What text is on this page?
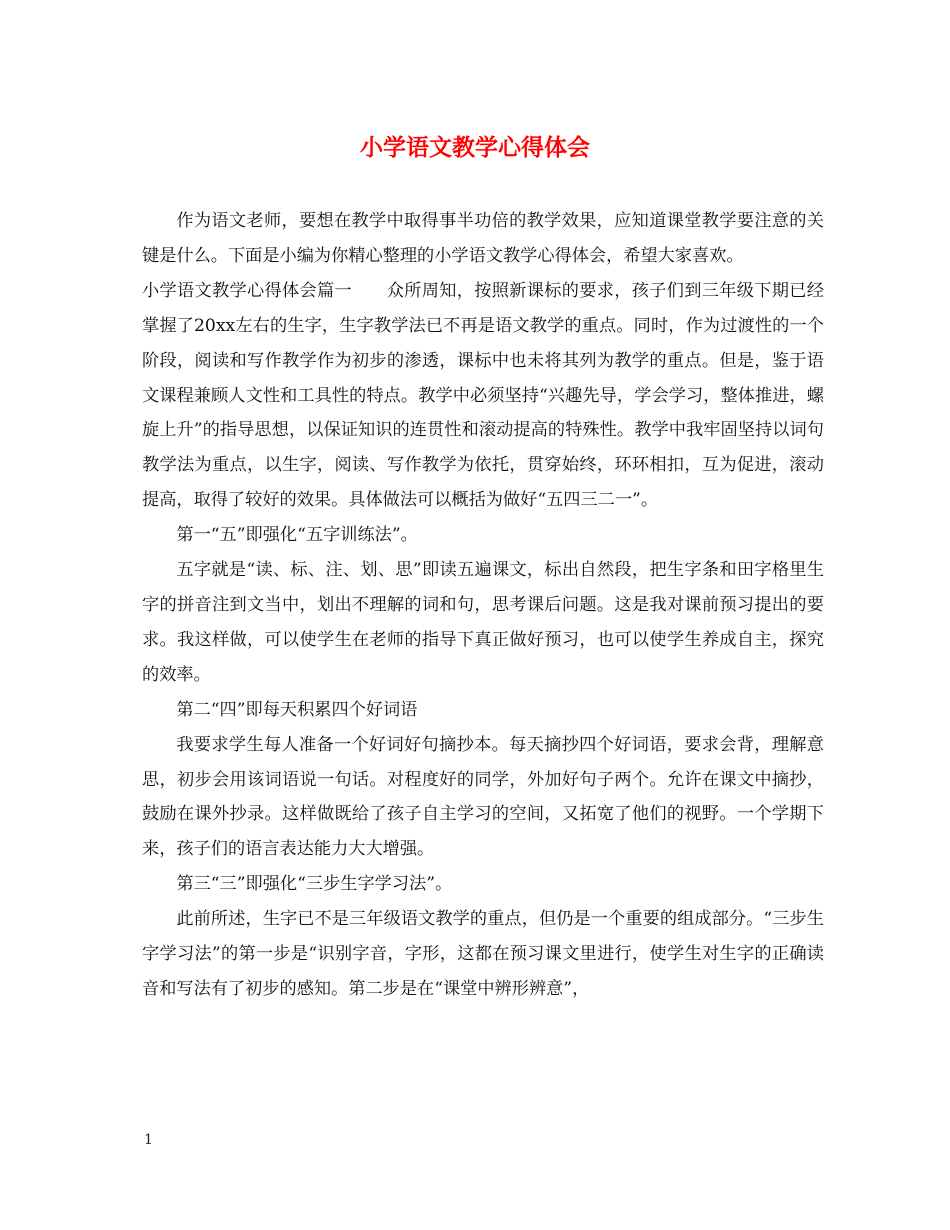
小学语文教学心得体会

作为语文老师，要想在教学中取得事半功倍的教学效果，应知道课堂教学要注意的关键是什么。下面是小编为你精心整理的小学语文教学心得体会，希望大家喜欢。

小学语文教学心得体会篇一 众所周知，按照新课标的要求，孩子们到三年级下期已经掌握了20xx左右的生字，生字教学法已不再是语文教学的重点。同时，作为过渡性的一个阶段，阅读和写作教学作为初步的渗透，课标中也未将其列为教学的重点。但是，鉴于语文课程兼顾人文性和工具性的特点。教学中必须坚持“兴趣先导，学会学习，整体推进，螺旋上升”的指导思想，以保证知识的连贯性和滚动提高的特殊性。教学中我牢固坚持以词句教学法为重点，以生字，阅读、写作教学为依托，贯穿始终，环环相扣，互为促进，滚动提高，取得了较好的效果。具体做法可以概括为做好“五四三二一”。

第一“五”即强化“五字训练法”。

五字就是“读、标、注、划、思”即读五遍课文，标出自然段，把生字条和田字格里生字的拼音注到文当中，划出不理解的词和句，思考课后问题。这是我对课前预习提出的要求。我这样做，可以使学生在老师的指导下真正做好预习，也可以使学生养成自主，探究的效率。

第二“四”即每天积累四个好词语

我要求学生每人准备一个好词好句摘抄本。每天摘抄四个好词语，要求会背，理解意思，初步会用该词语说一句话。对程度好的同学，外加好句子两个。允许在课文中摘抄，鼓励在课外抄录。这样做既给了孩子自主学习的空间，又拓宽了他们的视野。一个学期下来，孩子们的语言表达能力大大增强。

第三“三”即强化“三步生字学习法”。

此前所述，生字已不是三年级语文教学的重点，但仍是一个重要的组成部分。“三步生字学习法”的第一步是“识别字音，字形，这都在预习课文里进行，使学生对生字的正确读音和写法有了初步的感知。第二步是在“课堂中辨形辨意”，

1
